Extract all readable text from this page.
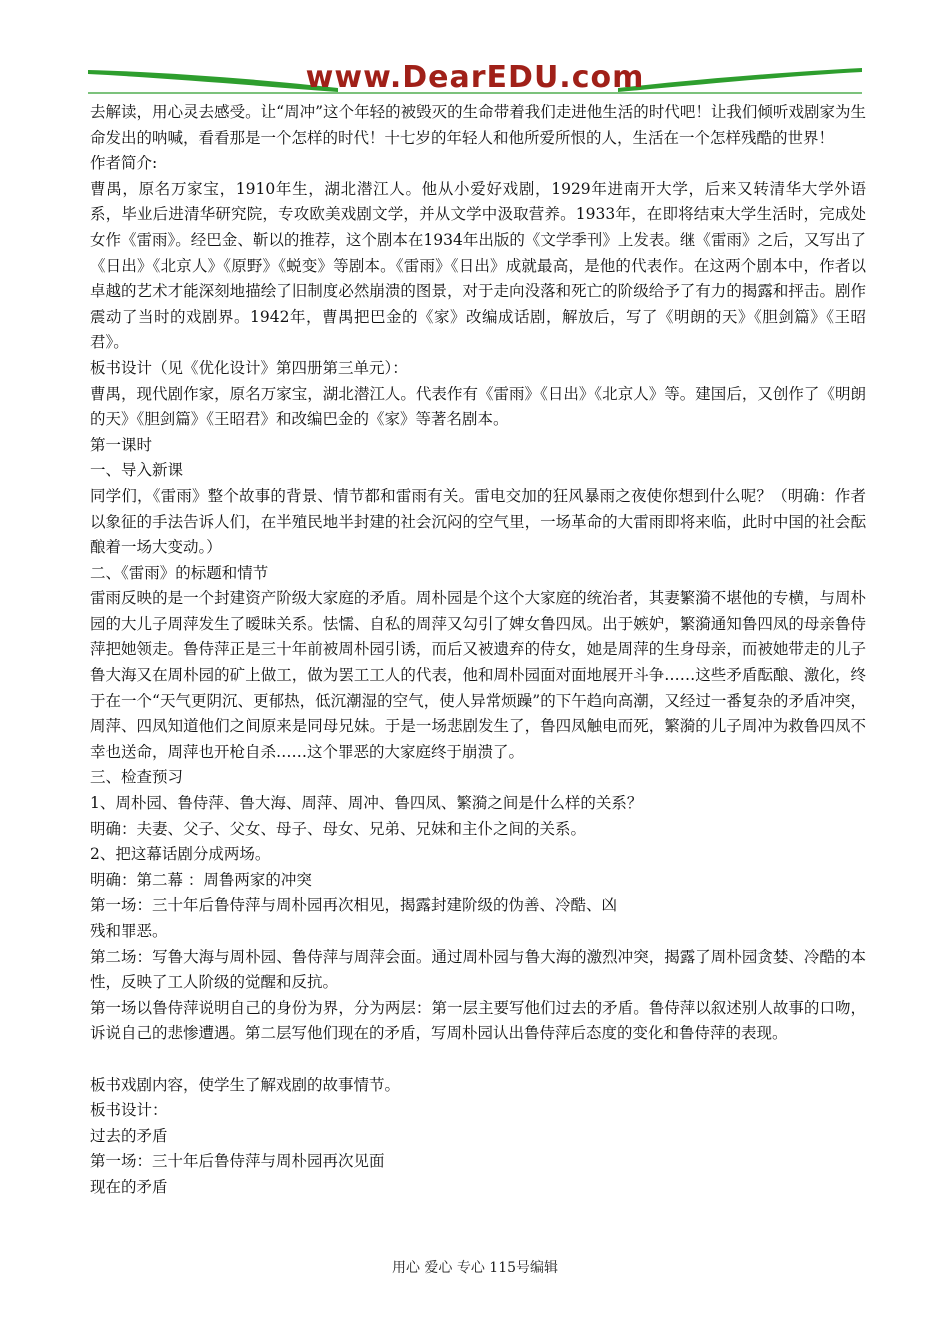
www.DearEDU.com

去解读，用心灵去感受。让“周冲”这个年轻的被毁灭的生命带着我们走进他生活的时代吧！让我们倾听戏剧家为生命发出的呐喊，看看那是一个怎样的时代！十七岁的年轻人和他所爱所恨的人，生活在一个怎样残酷的世界！

作者简介:

曹禺，原名万家宝，1910年生，湖北潜江人。他从小爱好戏剧，1929年进南开大学，后来又转清华大学外语系，毕业后进清华研究院，专攻欧美戏剧文学，并从文学中汲取营养。1933年，在即将结束大学生活时，完成处女作《雷雨》。经巴金、靳以的推荐，这个剧本在1934年出版的《文学季刊》上发表。继《雷雨》之后，又写出了《日出》《北京人》《原野》《蜕变》等剧本。《雷雨》《日出》成就最高，是他的代表作。在这两个剧本中，作者以卓越的艺术才能深刻地描绘了旧制度必然崩溃的图景，对于走向没落和死亡的阶级给予了有力的揭露和抨击。剧作震动了当时的戏剧界。1942年，曹禺把巴金的《家》改编成话剧，解放后，写了《明朗的天》《胆剑篇》《王昭君》。

板书设计（见《优化设计》第四册第三单元）：

曹禺，现代剧作家，原名万家宝，湖北潜江人。代表作有《雷雨》《日出》《北京人》等。建国后，又创作了《明朗的天》《胆剑篇》《王昭君》和改编巴金的《家》等著名剧本。

第一课时

一、导入新课

同学们，《雷雨》整个故事的背景、情节都和雷雨有关。雷电交加的狂风暴雨之夜使你想到什么呢？（明确：作者以象征的手法告诉人们，在半殖民地半封建的社会沉闷的空气里，一场革命的大雷雨即将来临，此时中国的社会酝酿着一场大变动。）

二、《雷雨》的标题和情节

雷雨反映的是一个封建资产阶级大家庭的矛盾。周朴园是个这个大家庭的统治者，其妻繁漪不堪他的专横，与周朴园的大儿子周萍发生了暧昧关系。怯懦、自私的周萍又勾引了婢女鲁四凤。出于嫉妒，繁漪通知鲁四凤的母亲鲁侍萍把她领走。鲁侍萍正是三十年前被周朴园引诱，而后又被遗弃的侍女，她是周萍的生身母亲，而被她带走的儿子鲁大海又在周朴园的矿上做工，做为罢工工人的代表，他和周朴园面对面地展开斗争……这些矛盾酝酿、激化，终于在一个“天气更阴沉、更郁热，低沉潮湿的空气，使人异常烦躁”的下午趋向高潮，又经过一番复杂的矛盾冲突，周萍、四凤知道他们之间原来是同母兄妹。于是一场悲剧发生了，鲁四凤触电而死，繁漪的儿子周冲为救鲁四凤不幸也送命，周萍也开枪自杀……这个罪恶的大家庭终于崩溃了。

三、检查预习

1、周朴园、鲁侍萍、鲁大海、周萍、周冲、鲁四凤、繁漪之间是什么样的关系？

明确：夫妻、父子、父女、母子、母女、兄弟、兄妹和主仆之间的关系。

2、把这幕话剧分成两场。

明确：第二幕 ：周鲁两家的冲突

第一场：三十年后鲁侍萍与周朴园再次相见，揭露封建阶级的伪善、冷酷、凶

残和罪恶。

第二场：写鲁大海与周朴园、鲁侍萍与周萍会面。通过周朴园与鲁大海的激烈冲突，揭露了周朴园贪婪、冷酷的本性，反映了工人阶级的觉醒和反抗。

第一场以鲁侍萍说明自己的身份为界，分为两层：第一层主要写他们过去的矛盾。鲁侍萍以叙述别人故事的口吻，诉说自己的悲惨遭遇。第二层写他们现在的矛盾，写周朴园认出鲁侍萍后态度的变化和鲁侍萍的表现。

板书戏剧内容，使学生了解戏剧的故事情节。

板书设计：

过去的矛盾

第一场：三十年后鲁侍萍与周朴园再次见面

现在的矛盾

用心 爱心 专心 115号编辑
